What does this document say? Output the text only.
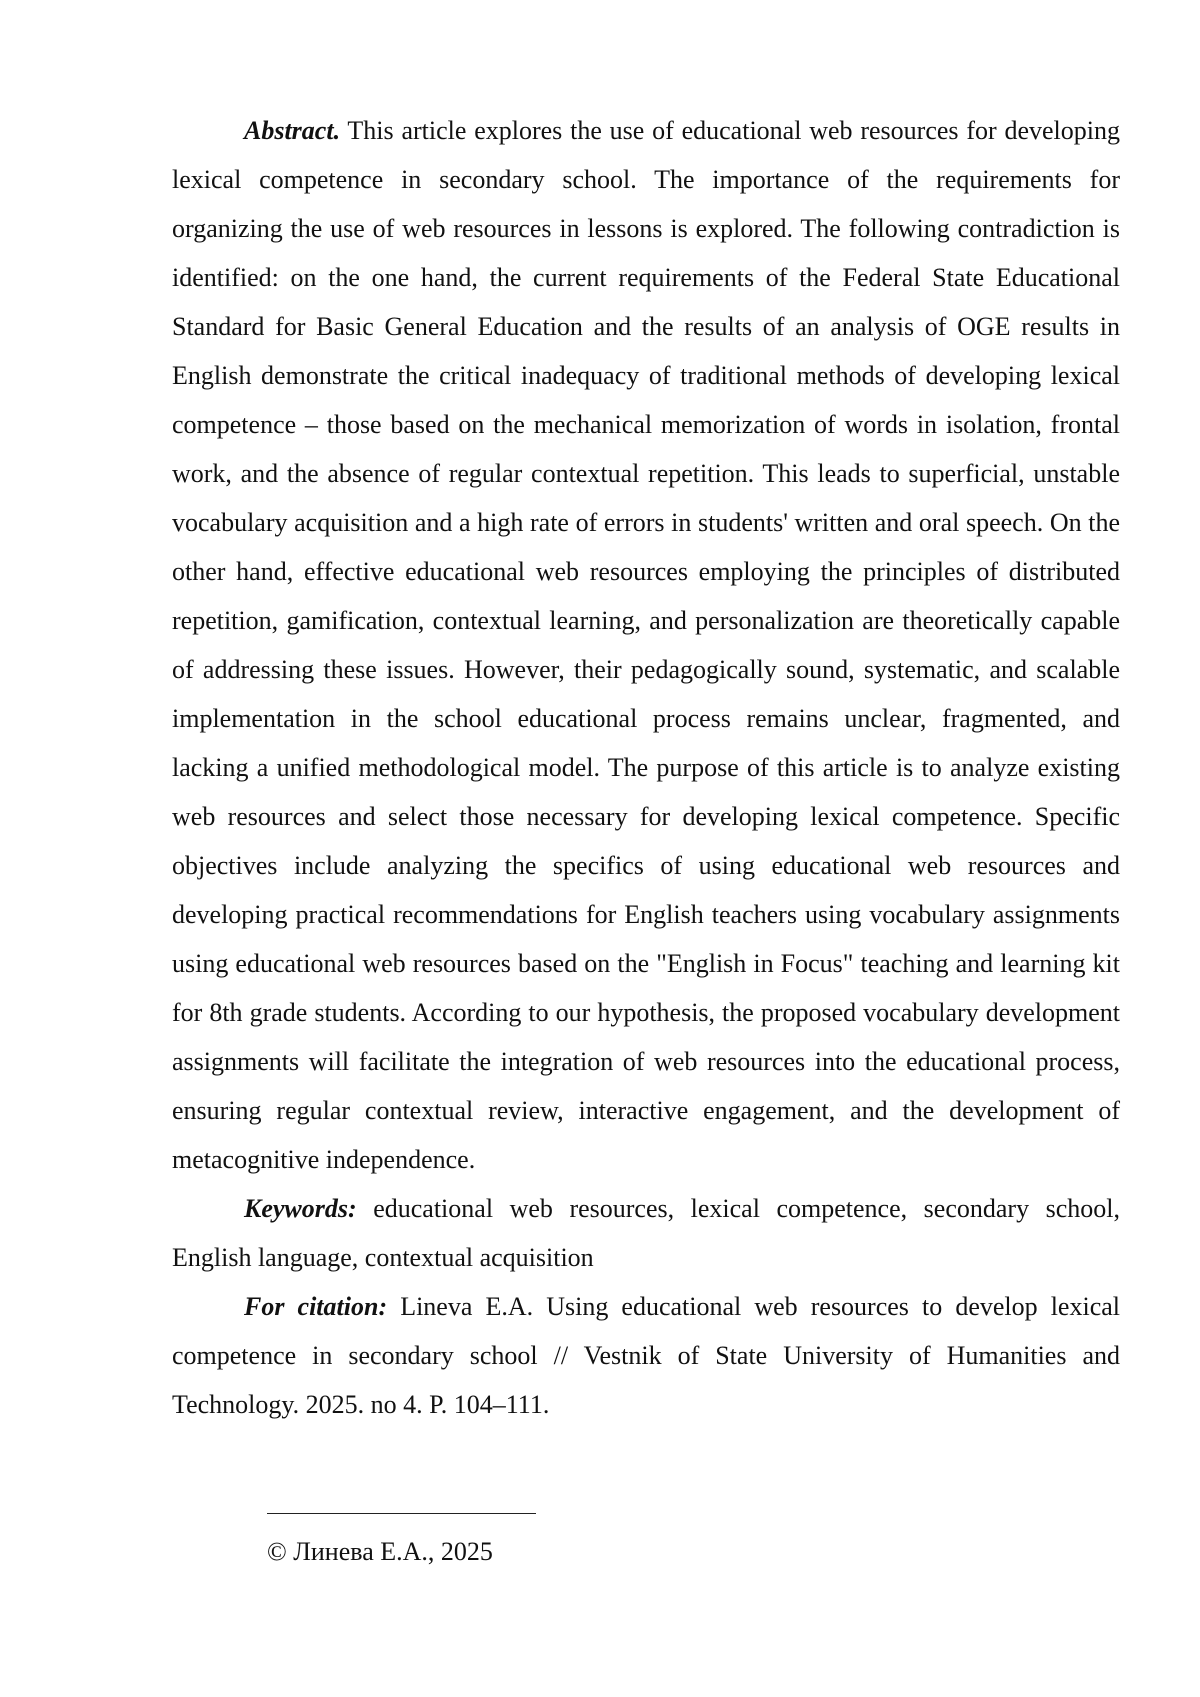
Abstract. This article explores the use of educational web resources for developing lexical competence in secondary school. The importance of the requirements for organizing the use of web resources in lessons is explored. The following contradiction is identified: on the one hand, the current requirements of the Federal State Educational Standard for Basic General Education and the results of an analysis of OGE results in English demonstrate the critical inadequacy of traditional methods of developing lexical competence – those based on the mechanical memorization of words in isolation, frontal work, and the absence of regular contextual repetition. This leads to superficial, unstable vocabulary acquisition and a high rate of errors in students' written and oral speech. On the other hand, effective educational web resources employing the principles of distributed repetition, gamification, contextual learning, and personalization are theoretically capable of addressing these issues. However, their pedagogically sound, systematic, and scalable implementation in the school educational process remains unclear, fragmented, and lacking a unified methodological model. The purpose of this article is to analyze existing web resources and select those necessary for developing lexical competence. Specific objectives include analyzing the specifics of using educational web resources and developing practical recommendations for English teachers using vocabulary assignments using educational web resources based on the "English in Focus" teaching and learning kit for 8th grade students. According to our hypothesis, the proposed vocabulary development assignments will facilitate the integration of web resources into the educational process, ensuring regular contextual review, interactive engagement, and the development of metacognitive independence.

Keywords: educational web resources, lexical competence, secondary school, English language, contextual acquisition

For citation: Lineva E.A. Using educational web resources to develop lexical competence in secondary school // Vestnik of State University of Humanities and Technology. 2025. no 4. P. 104–111.

© Линева Е.А., 2025
